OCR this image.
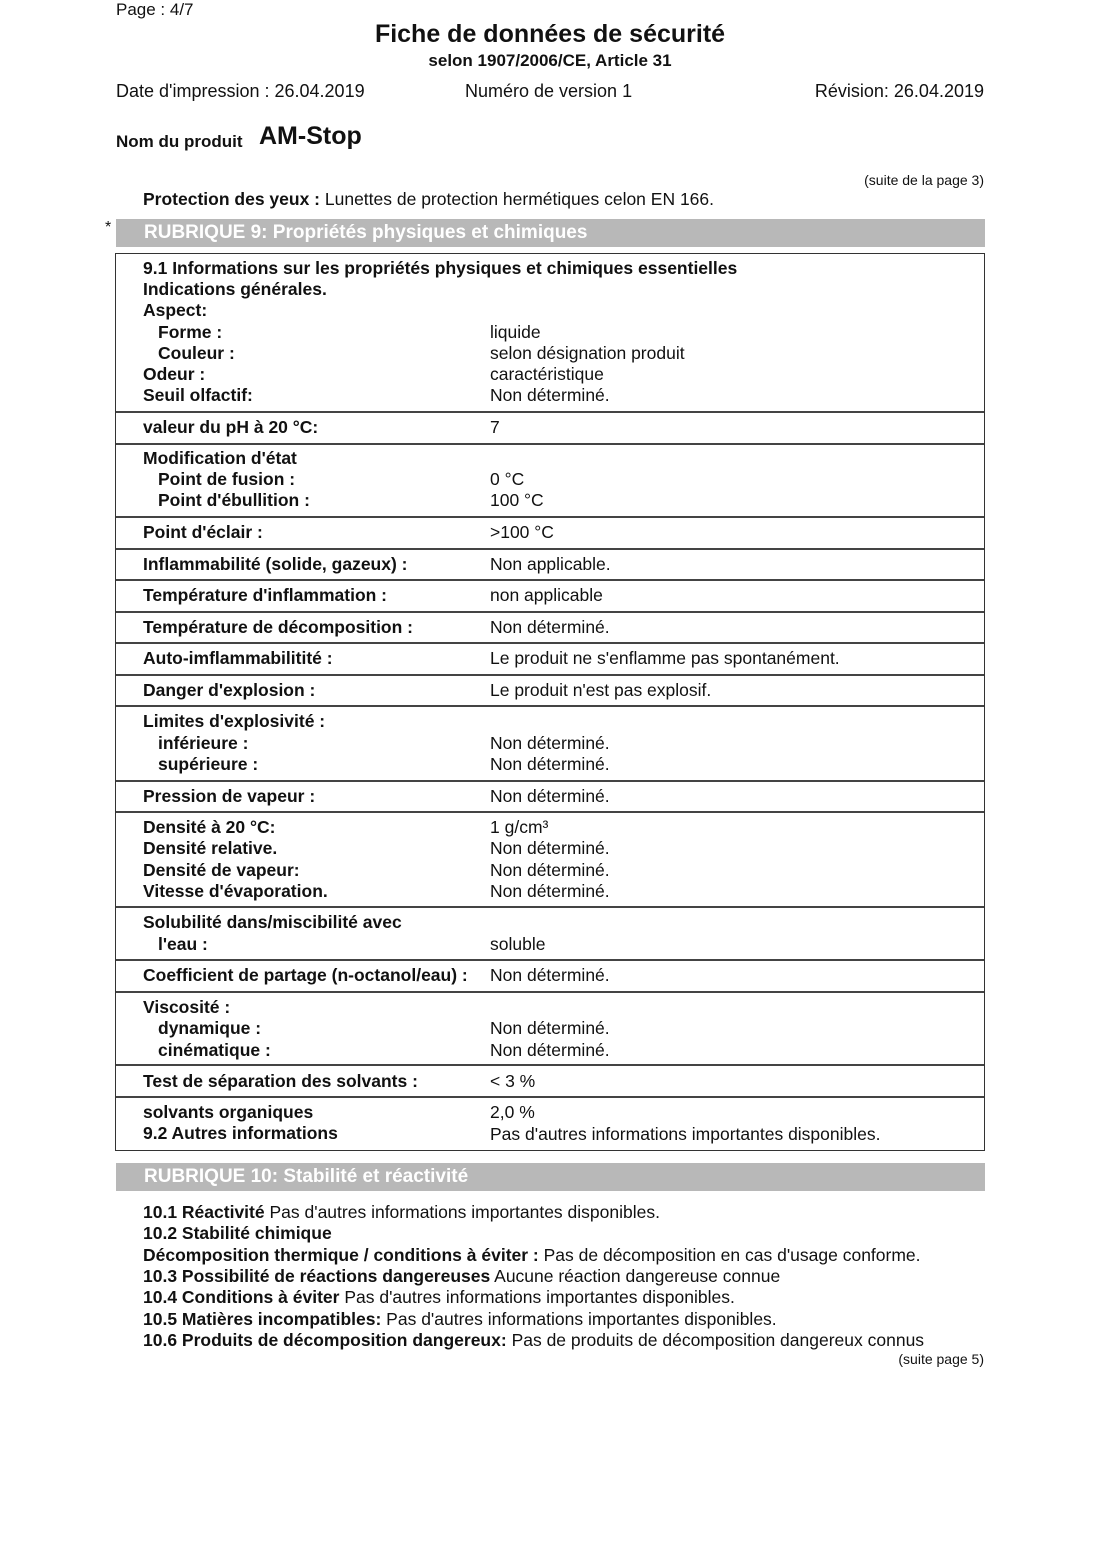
Page : 4/7
Fiche de données de sécurité
selon 1907/2006/CE, Article 31
Date d'impression : 26.04.2019	Numéro de version 1	Révision: 26.04.2019
Nom du produit AM-Stop
(suite de la page 3)
Protection des yeux : Lunettes de protection hermétiques celon EN 166.
*	RUBRIQUE 9: Propriétés physiques et chimiques
9.1 Informations sur les propriétés physiques et chimiques essentielles
Indications générales.
Aspect:
Forme :	liquide
Couleur :	selon désignation produit
Odeur :	caractéristique
Seuil olfactif:	Non déterminé.
valeur du pH à 20 °C:	7
Modification d'état
Point de fusion :	0 °C
Point d'ébullition :	100 °C
Point d'éclair :	>100 °C
Inflammabilité (solide, gazeux) :	Non applicable.
Température d'inflammation :	non applicable
Température de décomposition :	Non déterminé.
Auto-imflammabilitité :	Le produit ne s'enflamme pas spontanément.
Danger d'explosion :	Le produit n'est pas explosif.
Limites d'explosivité :
inférieure :	Non déterminé.
supérieure :	Non déterminé.
Pression de vapeur :	Non déterminé.
Densité à 20 °C:	1 g/cm³
Densité relative.	Non déterminé.
Densité de vapeur:	Non déterminé.
Vitesse d'évaporation.	Non déterminé.
Solubilité dans/miscibilité avec
l'eau :	soluble
Coefficient de partage (n-octanol/eau) : Non déterminé.
Viscosité :
dynamique :	Non déterminé.
cinématique :	Non déterminé.
Test de séparation des solvants :	< 3 %
solvants organiques	2,0 %
9.2 Autres informations	Pas d'autres informations importantes disponibles.
RUBRIQUE 10: Stabilité et réactivité
10.1 Réactivité Pas d'autres informations importantes disponibles.
10.2 Stabilité chimique
Décomposition thermique / conditions à éviter : Pas de décomposition en cas d'usage conforme.
10.3 Possibilité de réactions dangereuses Aucune réaction dangereuse connue
10.4 Conditions à éviter Pas d'autres informations importantes disponibles.
10.5 Matières incompatibles: Pas d'autres informations importantes disponibles.
10.6 Produits de décomposition dangereux: Pas de produits de décomposition dangereux connus
(suite page 5)
